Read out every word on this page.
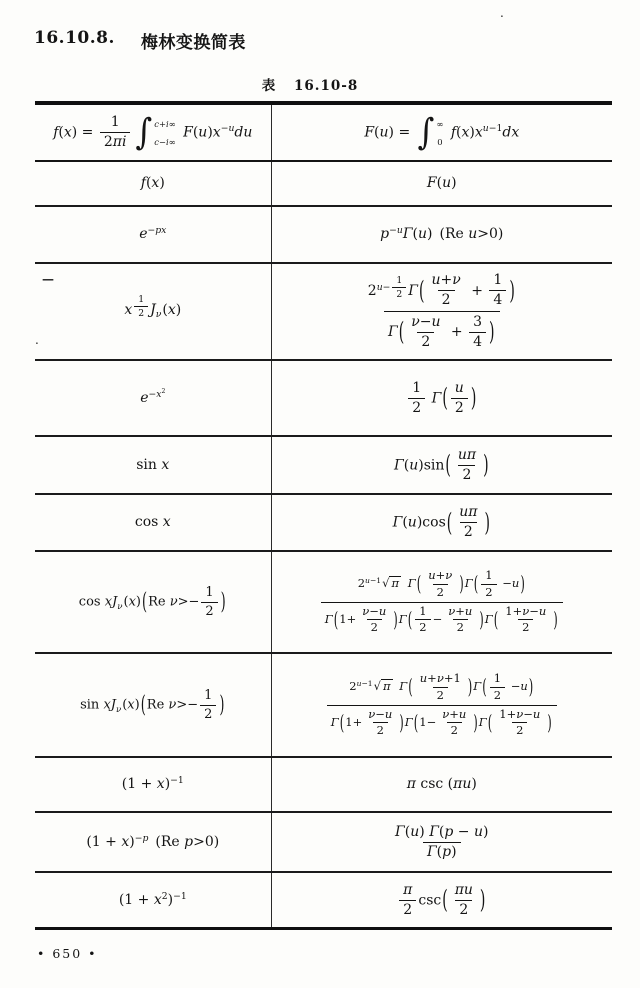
16.10.8. 梅林变换简表
表 16.10-8
$f(x) = \frac{1}{2\pi i}$ ∫ c+i∞
c−i∞
$F(u)x^{-u}du$	F(u) = ∫ ∞
0
$f(x)x^{u-1}dx$
f(x)	F(u)
$e^{-px}$	$p^{-u}\Gamma(u)$ (Re u>0)
x $^{\frac{1}{2}}$ $J_\nu(x)$	$2^{u- \frac{1}{2}}$ $\Gamma( \frac{u+\nu}{2} + \frac{1}{4}$ )
$\Gamma( \frac{\nu-u}{2} + \frac{3}{4}$ )
$e^{-x^2}$	$\frac{1}{2} \Gamma( \frac{u}{2}$ )
sin x	$\Gamma(u)\sin( \frac{u\pi}{2}$ )
cos x	$\Gamma(u)\cos( \frac{u\pi}{2}$ )
$\cos xJ_\nu(x)(Re$ $\nu>- \frac{1}{2}$ )	$2^{u-1}$ √ π
  $\Gamma( \frac{u+\nu}{2} )\Gamma( \frac{1}{2} -u)$
$\Gamma(1+ \frac{\nu-u}{2} )\Gamma( \frac{1}{2} - \frac{\nu+u}{2} )\Gamma( \frac{1+\nu-u}{2}$ )
$\sin xJ_\nu(x)(Re$ $\nu>- \frac{1}{2}$ )	$2^{u-1}$ √ π
  $\Gamma( \frac{u+\nu+1}{2} )\Gamma( \frac{1}{2} -u)$
$\Gamma(1+ \frac{\nu-u}{2} )\Gamma(1- \frac{\nu+u}{2} )\Gamma( \frac{1+\nu-u}{2}$ )
$(1 + x)^{-1}$	π csc (πu)
$(1 + x)^{-p}$ (Re p>0)	$\frac{\Gamma(u) \Gamma(p - u)}{\Gamma(p)}$
$(1 + x^2)^{-1}$	$\frac{\pi}{2} \csc( \frac{\pi u}{2}$ )
• 650 •
—
.
.
